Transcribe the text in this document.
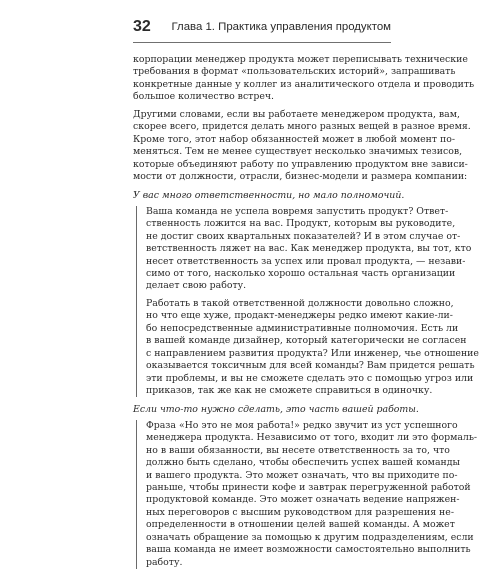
32 Глава 1. Практика управления продуктом
корпорации менеджер продукта может переписывать технические
требования в формат «пользовательских историй», запрашивать
конкретные данные у коллег из аналитического отдела и проводить
большое количество встреч.
Другими словами, если вы работаете менеджером продукта, вам,
скорее всего, придется делать много разных вещей в разное время.
Кроме того, этот набор обязанностей может в любой момент по-
меняться. Тем не менее существует несколько значимых тезисов,
которые объединяют работу по управлению продуктом вне зависи-
мости от должности, отрасли, бизнес-модели и размера компании:
У вас много ответственности, но мало полномочий.
Ваша команда не успела вовремя запустить продукт? Ответ-
ственность ложится на вас. Продукт, которым вы руководите,
не достиг своих квартальных показателей? И в этом случае от-
ветственность ляжет на вас. Как менеджер продукта, вы тот, кто
несет ответственность за успех или провал продукта, — незави-
симо от того, насколько хорошо остальная часть организации
делает свою работу.
Работать в такой ответственной должности довольно сложно,
но что еще хуже, продакт-менеджеры редко имеют какие-ли-
бо непосредственные административные полномочия. Есть ли
в вашей команде дизайнер, который категорически не согласен
с направлением развития продукта? Или инженер, чье отношение
оказывается токсичным для всей команды? Вам придется решать
эти проблемы, и вы не сможете сделать это с помощью угроз или
приказов, так же как не сможете справиться в одиночку.
Если что-то нужно сделать, это часть вашей работы.
Фраза «Но это не моя работа!» редко звучит из уст успешного
менеджера продукта. Независимо от того, входит ли это формаль-
но в ваши обязанности, вы несете ответственность за то, что
должно быть сделано, чтобы обеспечить успех вашей команды
и вашего продукта. Это может означать, что вы приходите по-
раньше, чтобы принести кофе и завтрак перегруженной работой
продуктовой команде. Это может означать ведение напряжен-
ных переговоров с высшим руководством для разрешения не-
определенности в отношении целей вашей команды. А может
означать обращение за помощью к другим подразделениям, если
ваша команда не имеет возможности самостоятельно выполнить
работу.
